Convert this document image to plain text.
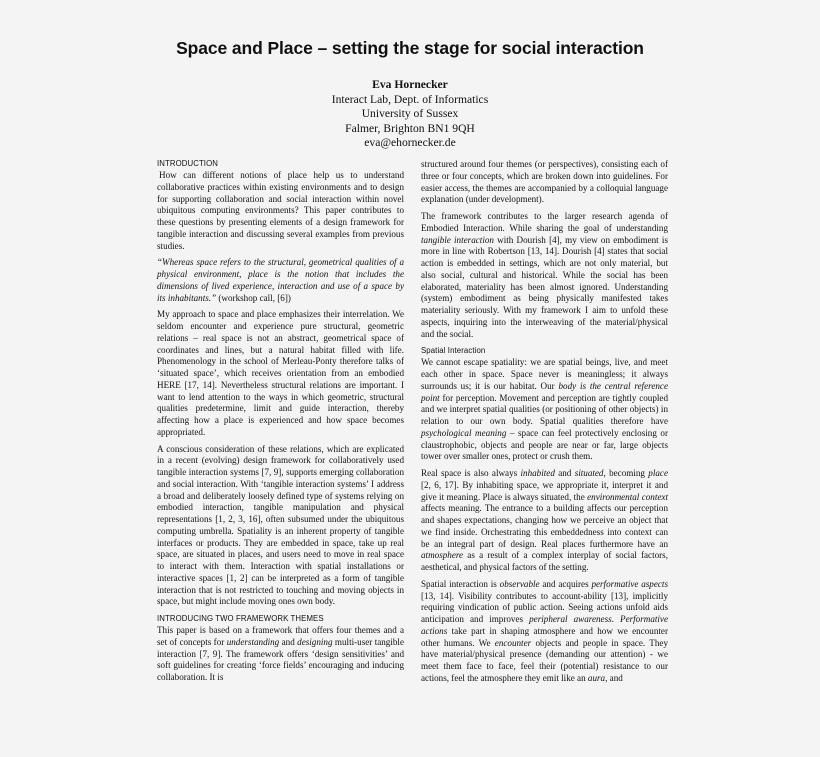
Space and Place – setting the stage for social interaction
Eva Hornecker
Interact Lab, Dept. of Informatics
University of Sussex
Falmer, Brighton BN1 9QH
eva@ehornecker.de
INTRODUCTION

How can different notions of place help us to understand collaborative practices within existing environments and to design for supporting collaboration and social interaction within novel ubiquitous computing environments? This paper contributes to these questions by presenting elements of a design framework for tangible interaction and discussing several examples from previous studies.

“Whereas space refers to the structural, geometrical qualities of a physical environment, place is the notion that includes the dimensions of lived experience, interaction and use of a space by its inhabitants.” (workshop call, [6])

My approach to space and place emphasizes their interrelation. We seldom encounter and experience pure structural, geometric relations – real space is not an abstract, geometrical space of coordinates and lines, but a natural habitat filled with life. Phenomenology in the school of Merleau-Ponty therefore talks of ‘situated space’, which receives orientation from an embodied HERE [17, 14]. Nevertheless structural relations are important. I want to lend attention to the ways in which geometric, structural qualities predetermine, limit and guide interaction, thereby affecting how a place is experienced and how space becomes appropriated.

A conscious consideration of these relations, which are explicated in a recent (evolving) design framework for collaboratively used tangible interaction systems [7, 9], supports emerging collaboration and social interaction. With ‘tangible interaction systems’ I address a broad and deliberately loosely defined type of systems relying on embodied interaction, tangible manipulation and physical representations [1, 2, 3, 16], often subsumed under the ubiquitous computing umbrella. Spatiality is an inherent property of tangible interfaces or products. They are embedded in space, take up real space, are situated in places, and users need to move in real space to interact with them. Interaction with spatial installations or interactive spaces [1, 2] can be interpreted as a form of tangible interaction that is not restricted to touching and moving objects in space, but might include moving ones own body.

INTRODUCING TWO FRAMEWORK THEMES

This paper is based on a framework that offers four themes and a set of concepts for understanding and designing multi-user tangible interaction [7, 9]. The framework offers ‘design sensitivities’ and soft guidelines for creating ‘force fields’ encouraging and inducing collaboration. It is

structured around four themes (or perspectives), consisting each of three or four concepts, which are broken down into guidelines. For easier access, the themes are accompanied by a colloquial language explanation (under development).

The framework contributes to the larger research agenda of Embodied Interaction. While sharing the goal of understanding tangible interaction with Dourish [4], my view on embodiment is more in line with Robertson [13, 14]. Dourish [4] states that social action is embedded in settings, which are not only material, but also social, cultural and historical. While the social has been elaborated, materiality has been almost ignored. Understanding (system) embodiment as being physically manifested takes materiality seriously. With my framework I aim to unfold these aspects, inquiring into the interweaving of the material/physical and the social.

Spatial Interaction

We cannot escape spatiality: we are spatial beings, live, and meet each other in space. Space never is meaningless; it always surrounds us; it is our habitat. Our body is the central reference point for perception. Movement and perception are tightly coupled and we interpret spatial qualities (or positioning of other objects) in relation to our own body. Spatial qualities therefore have psychological meaning – space can feel protectively enclosing or claustrophobic, objects and people are near or far, large objects tower over smaller ones, protect or crush them.

Real space is also always inhabited and situated, becoming place [2, 6, 17]. By inhabiting space, we appropriate it, interpret it and give it meaning. Place is always situated, the environmental context affects meaning. The entrance to a building affects our perception and shapes expectations, changing how we perceive an object that we find inside. Orchestrating this embeddedness into context can be an integral part of design. Real places furthermore have an atmosphere as a result of a complex interplay of social factors, aesthetical, and physical factors of the setting.

Spatial interaction is observable and acquires performative aspects [13, 14]. Visibility contributes to account-ability [13], implicitly requiring vindication of public action. Seeing actions unfold aids anticipation and improves peripheral awareness. Performative actions take part in shaping atmosphere and how we encounter other humans. We encounter objects and people in space. They have material/physical presence (demanding our attention) - we meet them face to face, feel their (potential) resistance to our actions, feel the atmosphere they emit like an aura, and
